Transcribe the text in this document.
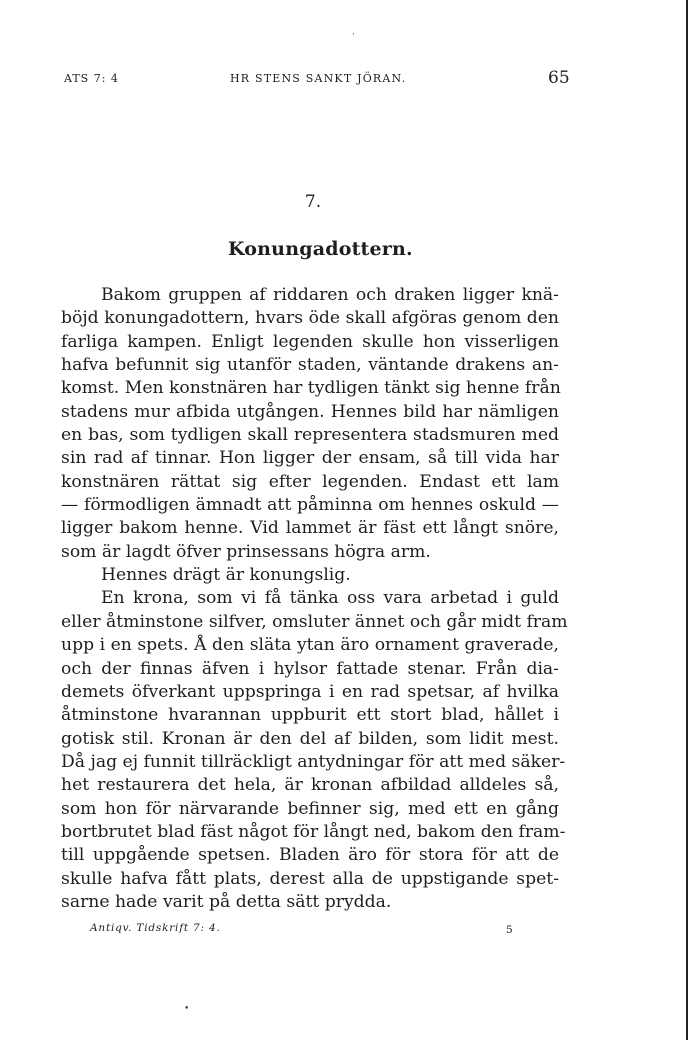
ATS 7: 4	HR STENS SANKT JÖRAN.	65
·
7.
Konungadottern.
Bakom gruppen af riddaren och draken ligger knä-
böjd konungadottern, hvars öde skall afgöras genom den
farliga kampen. Enligt legenden skulle hon visserligen
hafva befunnit sig utanför staden, väntande drakens an-
komst. Men konstnären har tydligen tänkt sig henne från
stadens mur afbida utgången. Hennes bild har nämligen
en bas, som tydligen skall representera stadsmuren med
sin rad af tinnar. Hon ligger der ensam, så till vida har
konstnären rättat sig efter legenden. Endast ett lam
— förmodligen ämnadt att påminna om hennes oskuld —
ligger bakom henne. Vid lammet är fäst ett långt snöre,
som är lagdt öfver prinsessans högra arm.
Hennes drägt är konungslig.
En krona, som vi få tänka oss vara arbetad i guld
eller åtminstone silfver, omsluter ännet och går midt fram
upp i en spets. Å den släta ytan äro ornament graverade,
och der finnas äfven i hylsor fattade stenar. Från dia-
demets öfverkant uppspringa i en rad spetsar, af hvilka
åtminstone hvarannan uppburit ett stort blad, hållet i
gotisk stil. Kronan är den del af bilden, som lidit mest.
Då jag ej funnit tillräckligt antydningar för att med säker-
het restaurera det hela, är kronan afbildad alldeles så,
som hon för närvarande befinner sig, med ett en gång
bortbrutet blad fäst något för långt ned, bakom den fram-
till uppgående spetsen. Bladen äro för stora för att de
skulle hafva fått plats, derest alla de uppstigande spet-
sarne hade varit på detta sätt prydda.
Antiqv. Tidskrift 7: 4.	5
•
